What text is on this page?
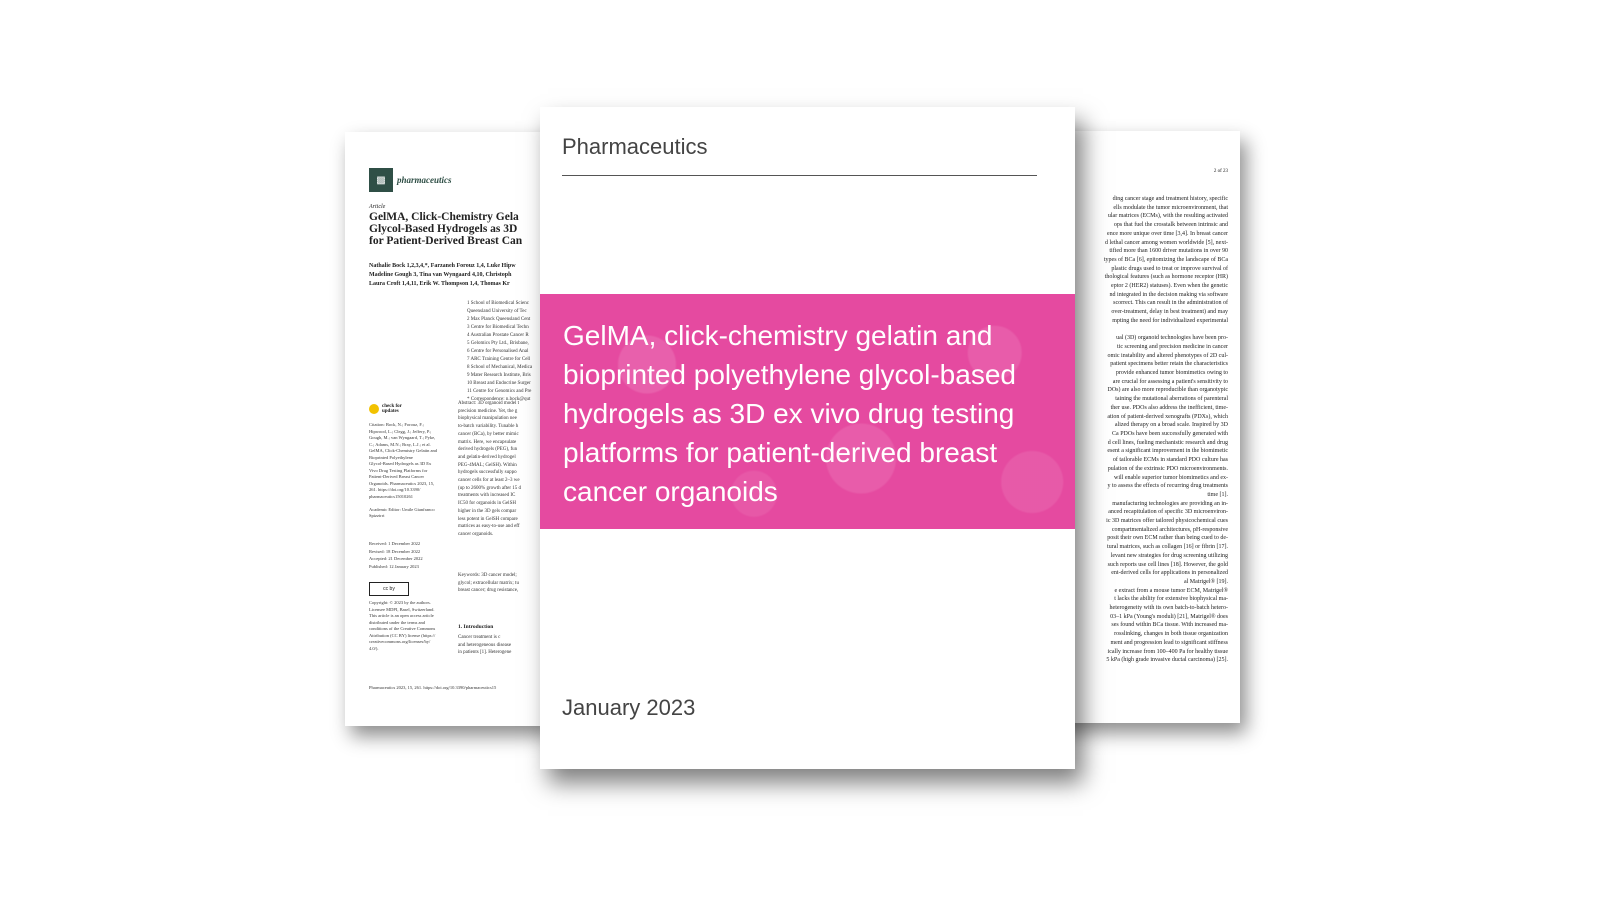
▩	pharmaceutics
Article
GelMA, Click-Chemistry Gela
Glycol-Based Hydrogels as 3D
for Patient-Derived Breast Can
Nathalie Bock 1,2,3,4,*, Farzaneh Forouz 1,4, Luke Hipw
Madeline Gough 3, Tina van Wyngaard 4,10, Christoph
Laura Croft 1,4,11, Erik W. Thompson 1,4, Thomas Kr
1 School of Biomedical Scienc
Queensland University of Tec
2 Max Planck Queensland Cent
3 Centre for Biomedical Techn
4 Australian Prostate Cancer R
5 Gelomics Pty Ltd., Brisbane,
6 Centre for Personalised Anal
7 ARC Training Centre for Cell
8 School of Mechanical, Medica
9 Mater Research Institute, Bris
10 Breast and Endocrine Surger
11 Centre for Genomics and Pre
* Correspondence: n.bock@qut
check for
updates
Citation: Bock, N.; Forouz, F.;
Hipwood, L.; Clegg, J.; Jeffery, P.;
Gough, M.; van Wyngaard, T.; Pyke,
C.; Adams, M.N.; Bray, L.J.; et al.
GelMA, Click-Chemistry Gelatin and
Bioprinted Polyethylene
Glycol-Based Hydrogels as 3D Ex
Vivo Drug Testing Platforms for
Patient-Derived Breast Cancer
Organoids. Pharmaceutics 2023, 15,
261. https://doi.org/10.3390/
pharmaceutics15010261

Academic Editor: Umile Gianfranco
Spizzirri
Received: 1 December 2022
Revised: 18 December 2022
Accepted: 21 December 2022
Published: 12 January 2023
cc by
Copyright: © 2023 by the authors.
Licensee MDPI, Basel, Switzerland.
This article is an open access article
distributed under the terms and
conditions of the Creative Commons
Attribution (CC BY) license (https://
creativecommons.org/licenses/by/
4.0/).
Abstract: 3D organoid model t
precision medicine. Yet, the g
biophysical manipulation nee
to-batch variability. Tunable h
cancer (BCa), by better mimic
matrix. Here, we encapsulate
derived hydrogels (PEG), fun
and gelatin-derived hydrogel
PEG-4MAL; GelSH). Within
hydrogels successfully suppo
cancer cells for at least 2–3 we
(up to 2600% growth after 15 d
treatments with increased IC
IC50 for organoids in GelSH
higher in the 3D gels compar
less potent in GelSH compare
matrices as easy-to-use and eff
cancer organoids.
Keywords: 3D cancer model;
glycol; extracellular matrix; tu
breast cancer; drug resistance,
1. Introduction
Cancer treatment is c
and heterogeneous disease
in patients [1]. Heterogene
Pharmaceutics 2023, 15, 261. https://doi.org/10.3390/pharmaceutics15
2 of 23
ding cancer stage and treatment history, specific
ells modulate the tumor microenvironment, that
ular matrices (ECMs), with the resulting activated
ops that fuel the crosstalk between intrinsic and
ence more unique over time [3,4]. In breast cancer
d lethal cancer among women worldwide [5], next-
tified more than 1600 driver mutations in over 90
types of BCa [6], epitomizing the landscape of BCa
plastic drugs used to treat or improve survival of
thological features (such as hormone receptor (HR)
eptor 2 (HER2) statuses). Even when the genetic
nd integrated in the decision making via software
scorrect. This can result in the administration of
over-treatment, delay in best treatment) and may
mpting the need for individualized experimental

ual (3D) organoid technologies have been pro-
tic screening and precision medicine in cancer
omic instability and altered phenotypes of 2D cul-
patient specimens better retain the characteristics
provide enhanced tumor biomimetics owing to
are crucial for assessing a patient's sensitivity to
DOs) are also more reproducible than organotypic
taining the mutational aberrations of parenteral
ther use. PDOs also address the inefficient, time-
ation of patient-derived xenografts (PDXs), which
alized therapy on a broad scale. Inspired by 3D
Ca PDOs have been successfully generated with
d cell lines, fueling mechanistic research and drug
esent a significant improvement in the biomimetic
of tailorable ECMs in standard PDO culture has
pulation of the extrinsic PDO microenvironments.
will enable superior tumor biomimetics and ex-
y to assess the effects of recurring drug treatments
time [1].
manufacturing technologies are providing an in-
anced recapitulation of specific 3D microenviron-
ic 3D matrices offer tailored physicochemical cues
compartmentalized architectures, pH-responsive
posit their own ECM rather than being cued to de-
tural matrices, such as collagen [16] or fibrin [17].
levant new strategies for drug screening utilizing
such reports use cell lines [18]. However, the gold
ent-derived cells for applications in personalized
al Matrigel® [19].
e extract from a mouse tumor ECM, Matrigel®
t lacks the ability for extensive biophysical ma-
heterogeneity with its own batch-to-batch hetero-
03–1 kPa (Young's moduli) [21], Matrigel® does
ses found within BCa tissue. With increased ma-
rosslinking, changes in both tissue organization
ment and progression lead to significant stiffness
ically increase from 100–400 Pa for healthy tissue
5 kPa (high grade invasive ductal carcinoma) [25].
Pharmaceutics
GelMA, click-chemistry gelatin and bioprinted polyethylene glycol-based hydrogels as 3D ex vivo drug testing platforms for patient-derived breast cancer organoids
January 2023
